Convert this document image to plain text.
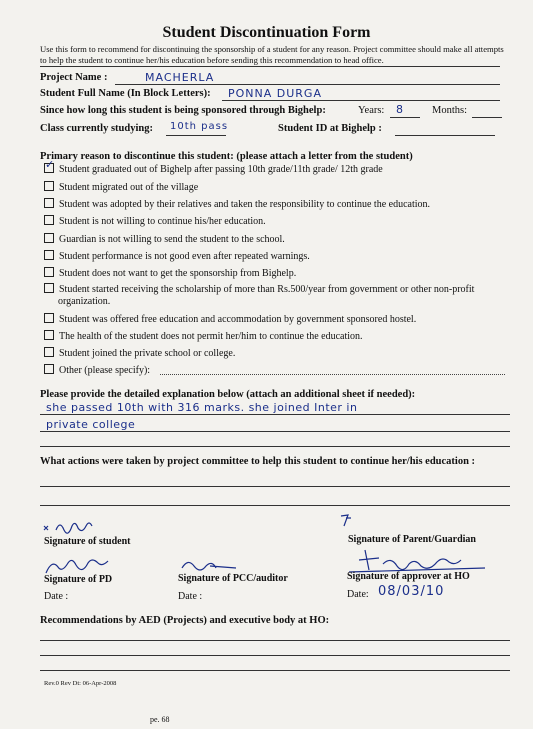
Student Discontinuation Form
Use this form to recommend for discontinuing the sponsorship of a student for any reason. Project committee should make all attempts to help the student to continue her/his education before sending this recommendation to head office.
Project Name :	MACHERLA
Student Full Name (In Block Letters): PONNA DURGA
Since how long this student is being sponsored through Bighelp:	Years: 8	Months:
Class currently studying: 10th pass	Student ID at Bighelp :
Primary reason to discontinue this student: (please attach a letter from the student)
✓Student graduated out of Bighelp after passing 10th grade/11th grade/ 12th grade
Student migrated out of the village
Student was adopted by their relatives and taken the responsibility to continue the education.
Student is not willing to continue his/her education.
Guardian is not willing to send the student to the school.
Student performance is not good even after repeated warnings.
Student does not want to get the sponsorship from Bighelp.
Student started receiving the scholarship of more than Rs.500/year from government or other non-profit organization.
Student was offered free education and accommodation by government sponsored hostel.
The health of the student does not permit her/him to continue the education.
Student joined the private school or college.
Other (please specify):
Please provide the detailed explanation below (attach an additional sheet if needed):
she passed 10th with 316 marks. she joined Inter in
private college
What actions were taken by project committee to help this student to continue her/his education :
Signature of student	Signature of Parent/Guardian
Signature of PD
Date :
Signature of PCC/auditor
Date :
Signature of approver at HO
Date: 08/03/10
Recommendations by AED (Projects) and executive body at HO:
Rev.0 Rev Dt: 06-Apr-2008
pe. 68
